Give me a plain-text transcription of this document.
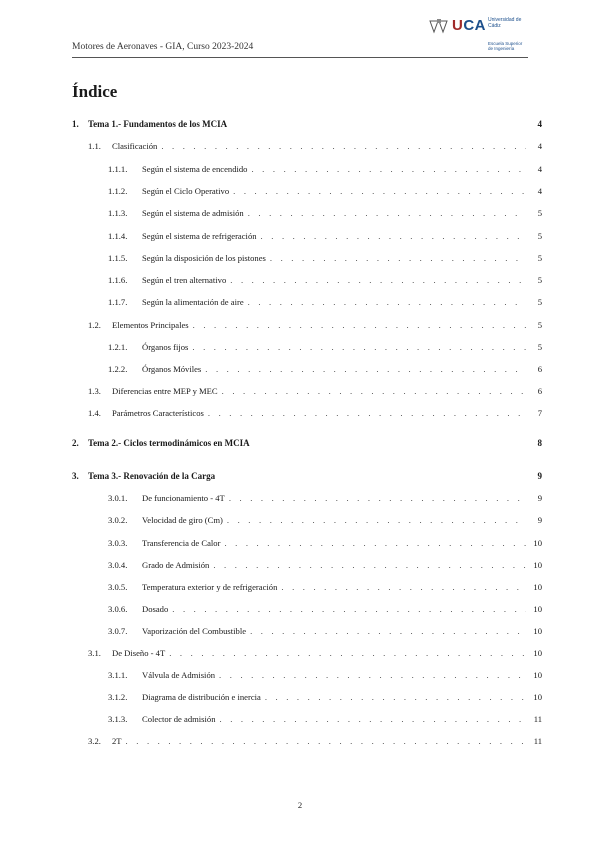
Motores de Aeronaves - GIA, Curso 2023-2024
UCA Universidad de Cádiz
Escuela Superior de Ingeniería
Índice
1.	Tema 1.- Fundamentos de los MCIA	4
1.1.	Clasificación . . .	4
1.1.1.	Según el sistema de encendido . . .	4
1.1.2.	Según el Ciclo Operativo . . .	4
1.1.3.	Según el sistema de admisión . . .	5
1.1.4.	Según el sistema de refrigeración . . .	5
1.1.5.	Según la disposición de los pistones . . .	5
1.1.6.	Según el tren alternativo . . .	5
1.1.7.	Según la alimentación de aire . . .	5
1.2.	Elementos Principales . . .	5
1.2.1.	Órganos fijos . . .	5
1.2.2.	Órganos Móviles . . .	6
1.3.	Diferencias entre MEP y MEC . . .	6
1.4.	Parámetros Característicos . . .	7
2.	Tema 2.- Ciclos termodinámicos en MCIA	8
3.	Tema 3.- Renovación de la Carga	9
3.0.1.	De funcionamiento - 4T . . .	9
3.0.2.	Velocidad de giro (Cm) . . .	9
3.0.3.	Transferencia de Calor . . .	10
3.0.4.	Grado de Admisión . . .	10
3.0.5.	Temperatura exterior y de refrigeración . . .	10
3.0.6.	Dosado . . .	10
3.0.7.	Vaporización del Combustible . . .	10
3.1.	De Diseño - 4T . . .	10
3.1.1.	Válvula de Admisión . . .	10
3.1.2.	Diagrama de distribución e inercia . . .	10
3.1.3.	Colector de admisión . . .	11
3.2.	2T . . .	11
2
